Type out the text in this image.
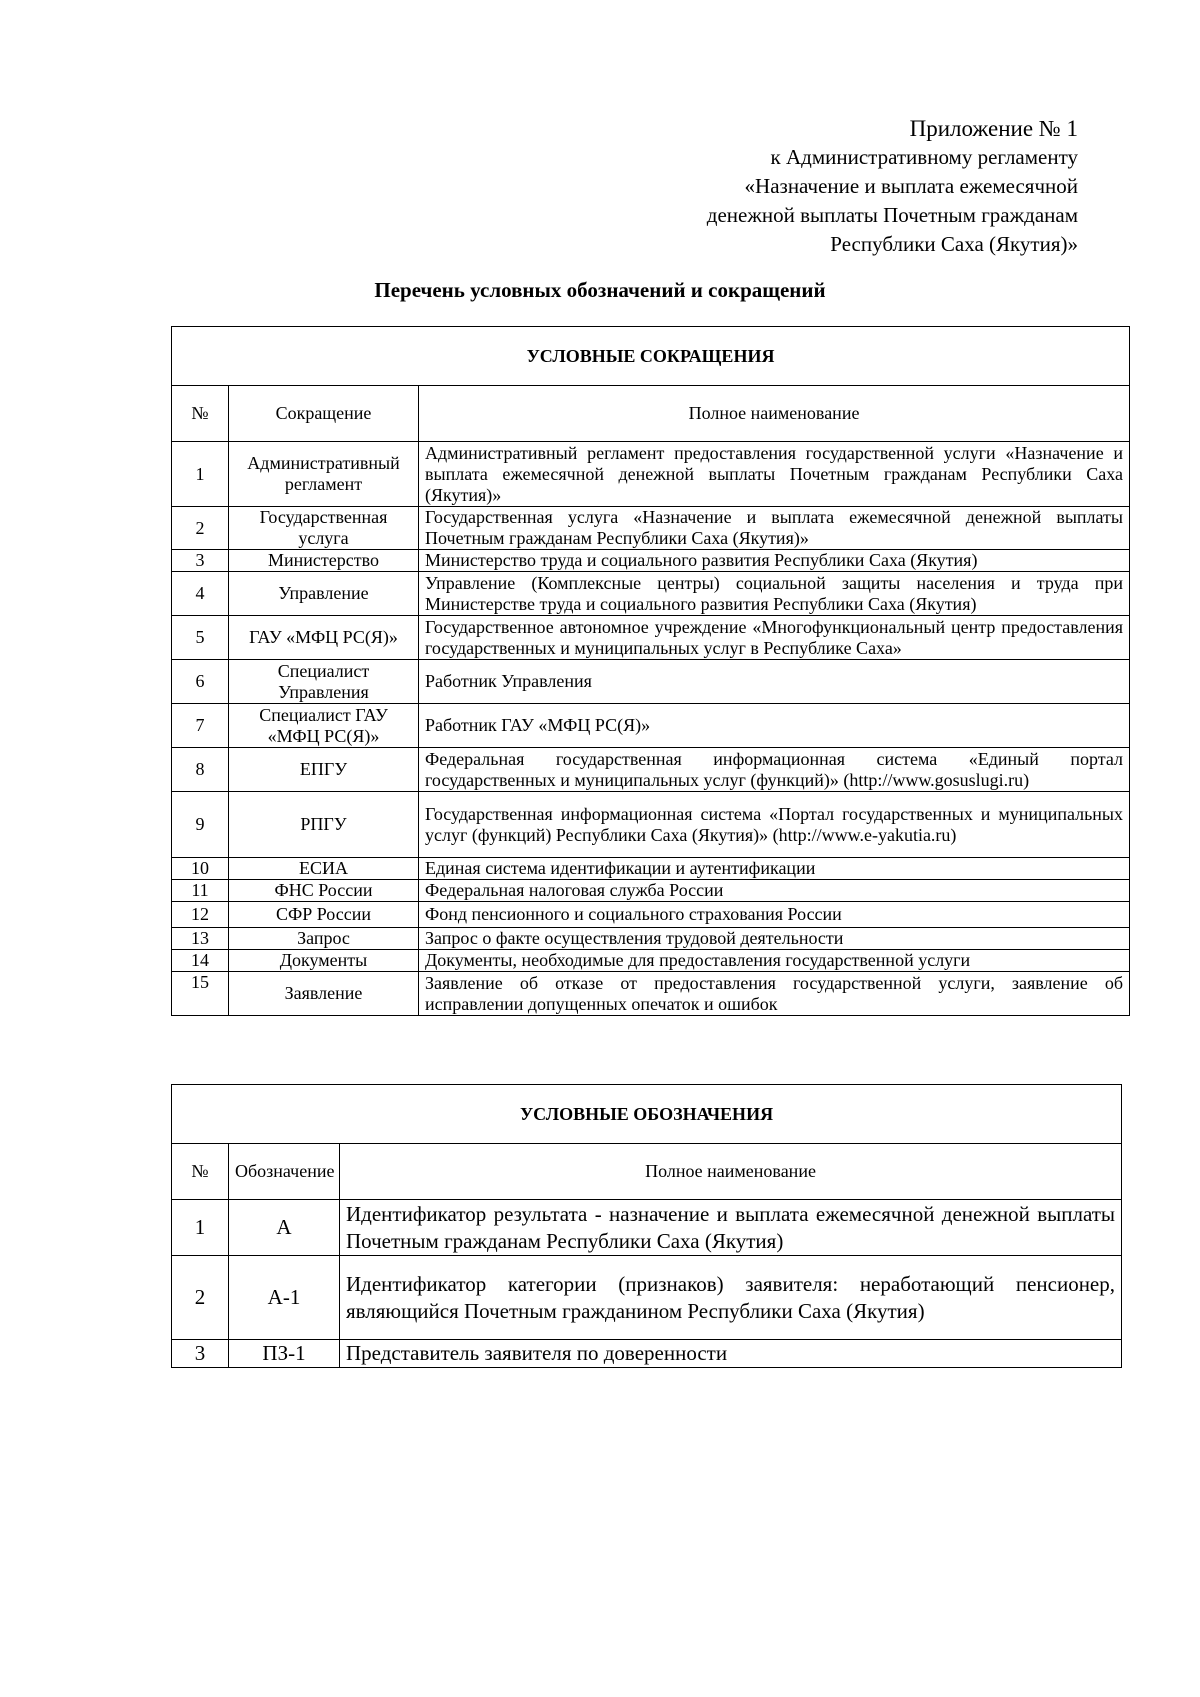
Приложение № 1
к Административному регламенту
«Назначение и выплата ежемесячной
денежной выплаты Почетным гражданам
Республики Саха (Якутия)»
Перечень условных обозначений и сокращений
УСЛОВНЫЕ СОКРАЩЕНИЯ		
№	Сокращение	Полное наименование
1	Административный регламент	Административный регламент предоставления государственной услуги «Назначение и выплата ежемесячной денежной выплаты Почетным гражданам Республики Саха (Якутия)»
2	Государственная услуга	Государственная услуга «Назначение и выплата ежемесячной денежной выплаты Почетным гражданам Республики Саха (Якутия)»
3	Министерство	Министерство труда и социального развития Республики Саха (Якутия)
4	Управление	Управление (Комплексные центры) социальной защиты населения и труда при Министерстве труда и социального развития Республики Саха (Якутия)
5	ГАУ «МФЦ РС(Я)»	Государственное автономное учреждение «Многофункциональный центр предоставления государственных и муниципальных услуг в Республике Саха»
6	Специалист Управления	Работник Управления
7	Специалист ГАУ «МФЦ РС(Я)»	Работник ГАУ «МФЦ РС(Я)»
8	ЕПГУ	Федеральная государственная информационная система «Единый портал государственных и муниципальных услуг (функций)» (http://www.gosuslugi.ru)
9	РПГУ	Государственная информационная система «Портал государственных и муниципальных услуг (функций) Республики Саха (Якутия)» (http://www.e-yakutia.ru)
10	ЕСИА	Единая система идентификации и аутентификации
11	ФНС России	Федеральная налоговая служба России
12	СФР России	Фонд пенсионного и социального страхования России
13	Запрос	Запрос о факте осуществления трудовой деятельности
14	Документы	Документы, необходимые для предоставления государственной услуги
15	Заявление	Заявление об отказе от предоставления государственной услуги, заявление об исправлении допущенных опечаток и ошибок
УСЛОВНЫЕ ОБОЗНАЧЕНИЯ		
№	Обозначение	Полное наименование
1	А	Идентификатор результата - назначение и выплата ежемесячной денежной выплаты Почетным гражданам Республики Саха (Якутия)
2	А-1	Идентификатор категории (признаков) заявителя: неработающий пенсионер, являющийся Почетным гражданином Республики Саха (Якутия)
3	ПЗ-1	Представитель заявителя по доверенности
